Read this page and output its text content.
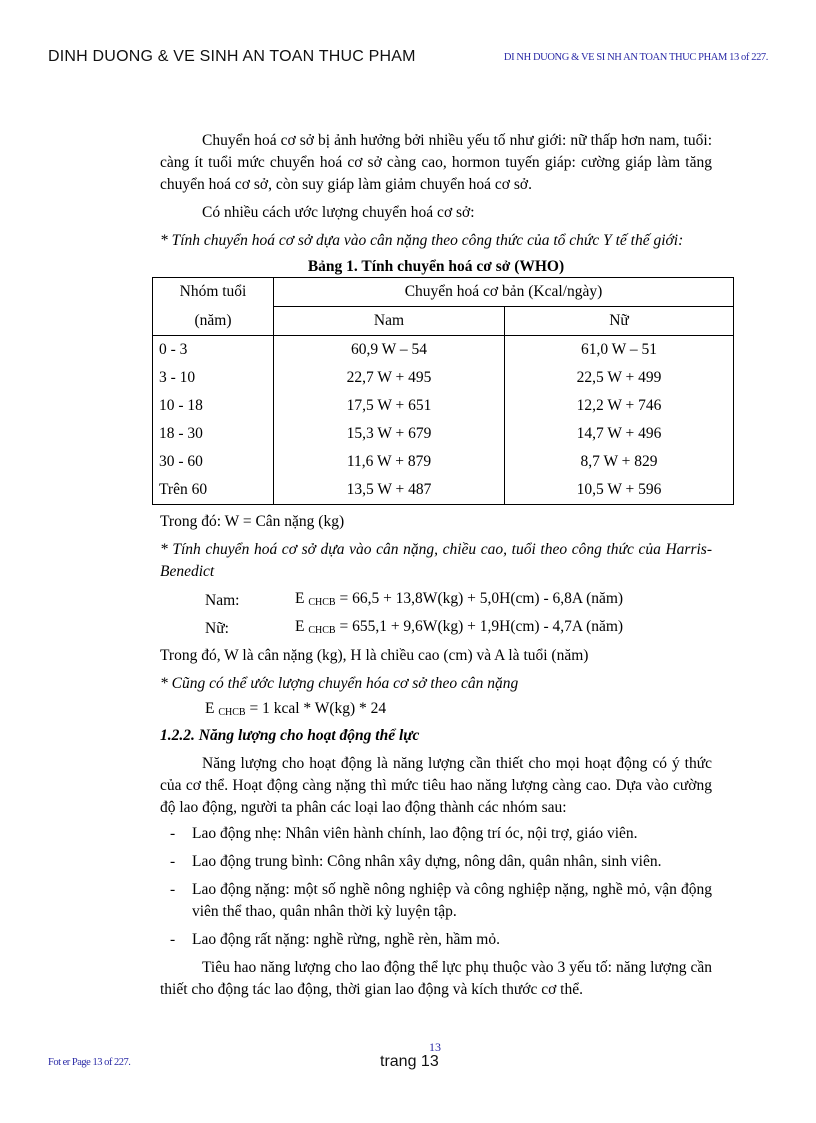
DINH DUONG & VE SINH AN TOAN THUC PHAM	DI NH DUONG & VE SI NH AN TOAN THUC PHAM 13 of 227.

Chuyển hoá cơ sở bị ảnh hưởng bởi nhiều yếu tố như giới: nữ thấp hơn nam, tuổi: càng ít tuổi mức chuyển hoá cơ sở càng cao, hormon tuyến giáp: cường giáp làm tăng chuyển hoá cơ sở, còn suy giáp làm giảm chuyển hoá cơ sở.

Có nhiều cách ước lượng chuyển hoá cơ sở:

* Tính chuyển hoá cơ sở dựa vào cân nặng theo công thức của tổ chức Y tế thế giới:

Bảng 1. Tính chuyển hoá cơ sở (WHO)
Nhóm tuổi	Chuyển hoá cơ bản (Kcal/ngày)	
(năm)	Nam	Nữ
0 - 3	60,9 W – 54	61,0 W – 51
3 - 10	22,7 W + 495	22,5 W + 499
10 - 18	17,5 W + 651	12,2 W + 746
18 - 30	15,3 W + 679	14,7 W + 496
30 - 60	11,6 W + 879	8,7 W + 829
Trên 60	13,5 W + 487	10,5 W + 596

Trong đó: W = Cân nặng (kg)

* Tính chuyển hoá cơ sở dựa vào cân nặng, chiều cao, tuổi theo công thức của Harris-Benedict

Nam:	E $_{CHCB}$ = 66,5 + 13,8W(kg) + 5,0H(cm) - 6,8A (năm)
Nữ:	E $_{CHCB}$ = 655,1 + 9,6W(kg) + 1,9H(cm) - 4,7A (năm)

Trong đó, W là cân nặng (kg), H là chiều cao (cm) và A là tuổi (năm)

* Cũng có thể ước lượng chuyển hóa cơ sở theo cân nặng

E $_{CHCB}$ = 1 kcal * W(kg) * 24

1.2.2. Năng lượng cho hoạt động thể lực

Năng lượng cho hoạt động là năng lượng cần thiết cho mọi hoạt động có ý thức của cơ thể. Hoạt động càng nặng thì mức tiêu hao năng lượng càng cao. Dựa vào cường độ lao động, người ta phân các loại lao động thành các nhóm sau:

- Lao động nhẹ: Nhân viên hành chính, lao động trí óc, nội trợ, giáo viên.
- Lao động trung bình: Công nhân xây dựng, nông dân, quân nhân, sinh viên.
- Lao động nặng: một số nghề nông nghiệp và công nghiệp nặng, nghề mỏ, vận động viên thể thao, quân nhân thời kỳ luyện tập.
- Lao động rất nặng: nghề rừng, nghề rèn, hầm mỏ.

Tiêu hao năng lượng cho lao động thể lực phụ thuộc vào 3 yếu tố: năng lượng cần thiết cho động tác lao động, thời gian lao động và kích thước cơ thể.

Fot er Page 13 of 227.
13
trang 13
